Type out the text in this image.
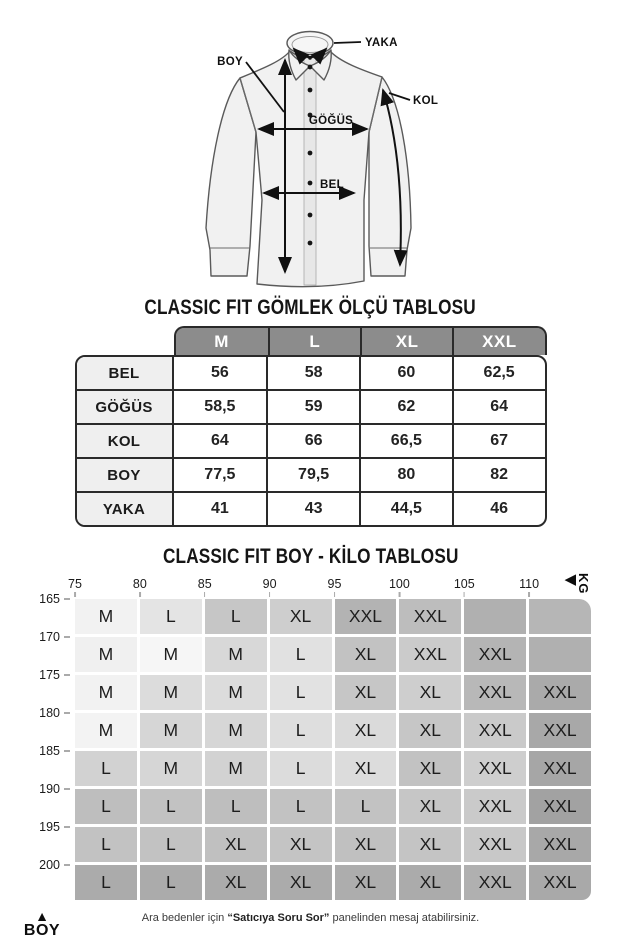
YAKA
BOY
KOL
GÖĞÜS
BEL
CLASSIC FIT GÖMLEK ÖLÇÜ TABLOSU
M	L	XL	XXL
BEL	56	58	60	62,5
GÖĞÜS	58,5	59	62	64
KOL	64	66	66,5	67
BOY	77,5	79,5	80	82
YAKA	41	43	44,5	46
CLASSIC FIT BOY - KİLO TABLOSU
◀ KG
M	L	L	XL	XXL	XXL
M	M	M	L	XL	XXL	XXL
M	M	M	L	XL	XL	XXL	XXL
M	M	M	L	XL	XL	XXL	XXL
L	M	M	L	XL	XL	XXL	XXL
L	L	L	L	L	XL	XXL	XXL
L	L	XL	XL	XL	XL	XXL	XXL
L	L	XL	XL	XL	XL	XXL	XXL
▲
BOY
75	80	85	90	95	100	105	110
165
170
175
180
185
190
195
200
Ara bedenler için “Satıcıya Soru Sor” panelinden mesaj atabilirsiniz.
